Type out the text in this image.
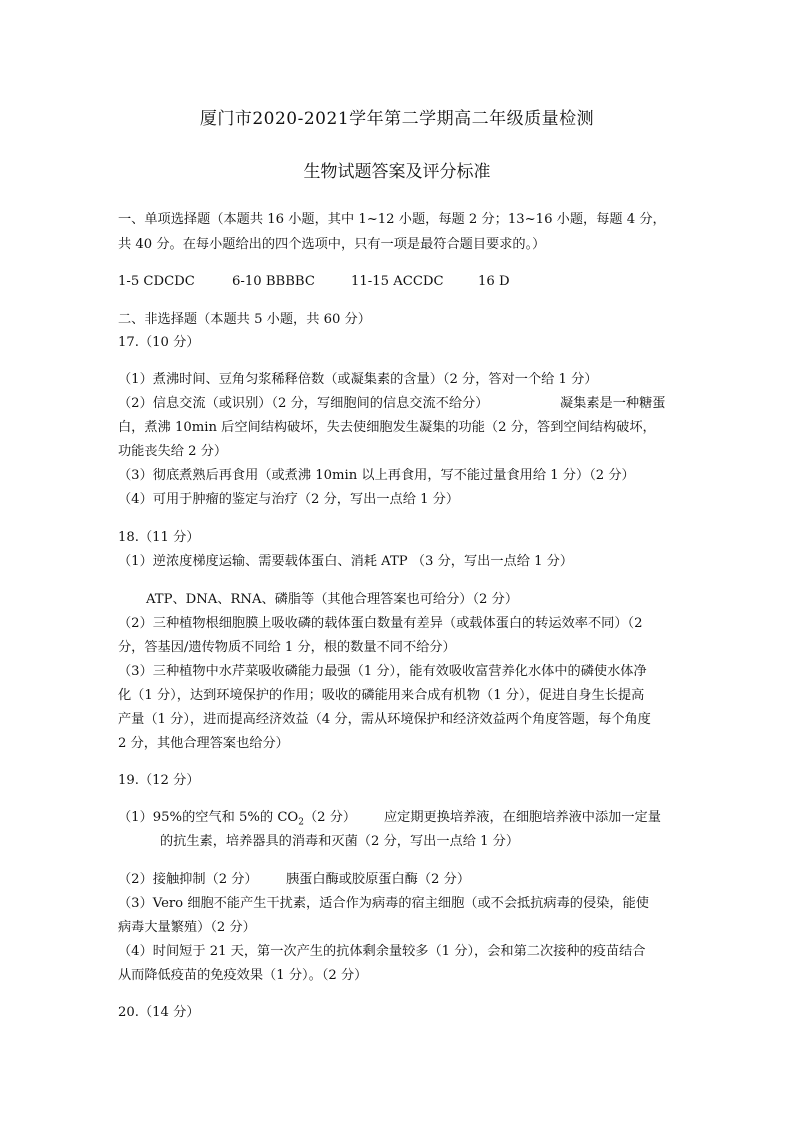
厦门市2020-2021学年第二学期高二年级质量检测
生物试题答案及评分标准
一、单项选择题（本题共 16 小题，其中 1~12 小题，每题 2 分；13~16 小题，每题 4 分，
共 40 分。在每小题给出的四个选项中，只有一项是最符合题目要求的。）
1-5 CDCDC	6-10 BBBBC	11-15 ACCDC	16 D
二、非选择题（本题共 5 小题，共 60 分）
17.（10 分）
（1）煮沸时间、豆角匀浆稀释倍数（或凝集素的含量）（2 分，答对一个给 1 分）
（2）信息交流（或识别）（2 分，写细胞间的信息交流不给分）	凝集素是一种糖蛋
白，煮沸 10min 后空间结构破坏，失去使细胞发生凝集的功能（2 分，答到空间结构破坏，
功能丧失给 2 分）
（3）彻底煮熟后再食用（或煮沸 10min 以上再食用，写不能过量食用给 1 分）（2 分）
（4）可用于肿瘤的鉴定与治疗（2 分，写出一点给 1 分）
18.（11 分）
（1）逆浓度梯度运输、需要载体蛋白、消耗 ATP （3 分，写出一点给 1 分）
ATP、DNA、RNA、磷脂等（其他合理答案也可给分）（2 分）
（2）三种植物根细胞膜上吸收磷的载体蛋白数量有差异（或载体蛋白的转运效率不同）（2
分，答基因/遗传物质不同给 1 分，根的数量不同不给分）
（3）三种植物中水芹菜吸收磷能力最强（1 分），能有效吸收富营养化水体中的磷使水体净
化（1 分），达到环境保护的作用；吸收的磷能用来合成有机物（1 分），促进自身生长提高
产量（1 分），进而提高经济效益（4 分，需从环境保护和经济效益两个角度答题，每个角度
2 分，其他合理答案也给分）
19.（12 分）
（1）95%的空气和 5%的 $CO_2(2$ 分） 应定期更换培养液，在细胞培养液中添加一定量
的抗生素，培养器具的消毒和灭菌（2 分，写出一点给 1 分）
（2）接触抑制（2 分） 胰蛋白酶或胶原蛋白酶（2 分）
（3）Vero 细胞不能产生干扰素，适合作为病毒的宿主细胞（或不会抵抗病毒的侵染，能使
病毒大量繁殖）（2 分）
（4）时间短于 21 天，第一次产生的抗体剩余量较多（1 分），会和第二次接种的疫苗结合
从而降低疫苗的免疫效果（1 分）。（2 分）
20.（14 分）
